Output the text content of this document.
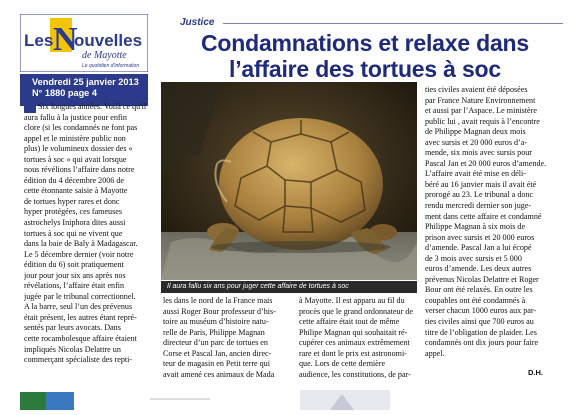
Les N
ouvelles
de Mayotte
Le quotidien d'information
Vendredi 25 janvier 2013
N° 1880 page 4
Justice
Condamnations et relaxe dans
l’affaire des tortues à soc
Six longues années. Voilà ce qu'il
aura fallu à la justice pour enfin
clore (si les condamnés ne font pas
appel et le ministère public non
plus) le volumineux dossier des «
tortues à soc » qui avait lorsque
nous révélions l’affaire dans notre
édition du 4 décembre 2006 de
cette étonnante saisie à Mayotte
de tortues hyper rares et donc
hyper protégées, ces fameuses
astrochelys Iniphora dites aussi
tortues à soc qui ne vivent que
dans la baie de Baly à Madagascar.
Le 5 décembre dernier (voir notre
édition du 6) soit pratiquement
jour pour jour six ans après nos
révélations, l’affaire était enfin
jugée par le tribunal correctionnel.
A la barre, seul l’un des prévenus
était présent, les autres étant repré-
sentés par leurs avocats. Dans
cette rocambolesque affaire étaient
impliqués Nicolas Delattre un
commerçant spécialiste des repti-
Il aura fallu six ans pour juger cette affaire de tortues à soc
les dans le nord de la France mais
aussi Roger Bour professeur d’his-
toire au muséum d’histoire natu-
relle de Paris, Philippe Magnan
directeur d’un parc de tortues en
Corse et Pascal Jan, ancien direc-
teur de magasin en Petit terre qui
avait amené ces animaux de Mada
à Mayotte. Il est apparu au fil du
procès que le grand ordonnateur de
cette affaire était tout de même
Philipe Magnan qui souhaitait ré-
cupérer ces animaux extrêmement
rare et dont le prix est astronomi-
que. Lors de cette dernière
audience, les constitutions, de par-
ties civiles avaient été déposées
par France Nature Environnement
et aussi par l’Aspace. Le ministère
public lui , avait requis à l’encontre
de Philippe Magnan deux mois
avec sursis et 20 000 euros d’a-
mende, six mois avec sursis pour
Pascal Jan et 20 000 euros d’amende.
L’affaire avait été mise en déli-
béré au 16 janvier mais il avait été
prorogé au 23. Le tribunal a donc
rendu mercredi dernier son juge-
ment dans cette affaire et condamné
Philippe Magnan à six mois de
prison avec sursis et 20 000 euros
d’amende. Pascal Jan a lui écopé
de 3 mois avec sursis et 5 000
euros d’amende. Les deux autres
prévenus Nicolas Delattre et Roger
Bour ont été relaxés. En outre les
coupables ont été condamnés à
verser chacun 1000 euros aux par-
ties civiles ainsi que 700 euros au
titre de l’obligation de plaider. Les
condamnés ont dix jours pour faire
appel.
D.H.
